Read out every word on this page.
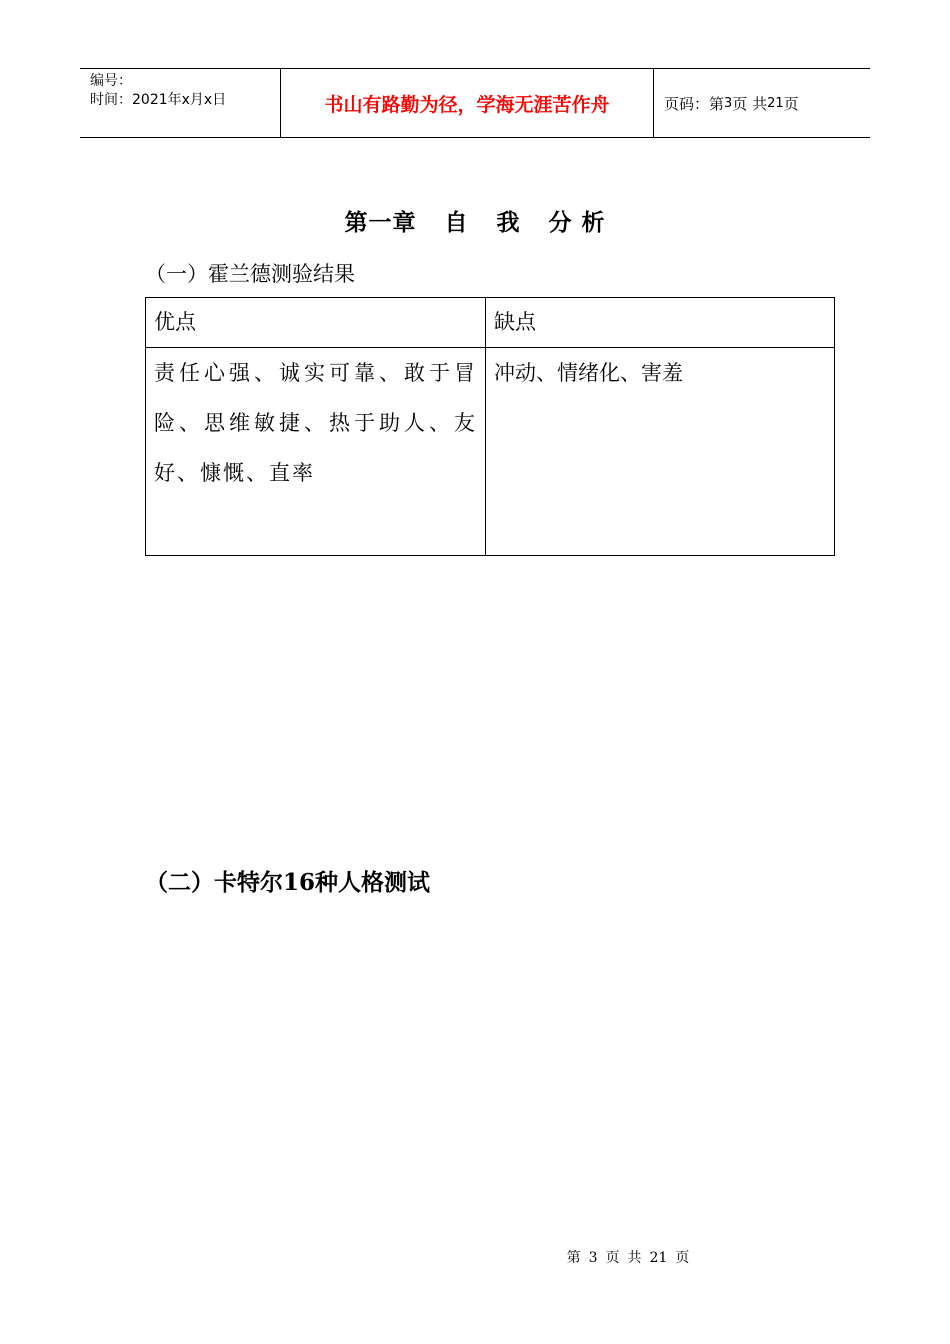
编号：
时间：2021年x月x日	书山有路勤为径，学海无涯苦作舟	页码：第 3 页 共 21 页
第一章 自 我 分 析
（一）霍兰德测验结果
优点	缺点
责任心强、诚实可靠、敢于冒险、思维敏捷、热于助人、友好、慷慨、直率	冲动、情绪化、害羞
（二）卡特尔16种人格测试
第 3 页 共 21 页
